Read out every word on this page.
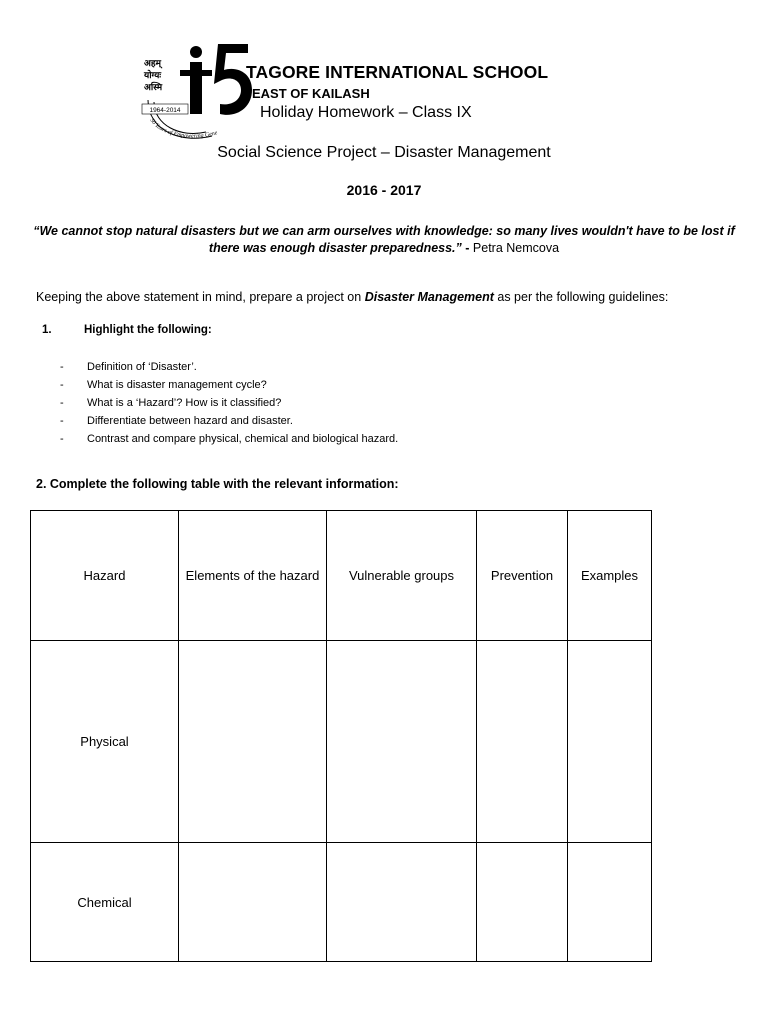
1964-2014
अहम्
योग्यः
अस्मि
50 Years of Empowering Gene
TAGORE INTERNATIONAL SCHOOL
EAST OF KAILASH
Holiday Homework – Class IX
Social Science Project – Disaster Management
2016 - 2017
“We cannot stop natural disasters but we can arm ourselves with knowledge: so many lives wouldn't have to be lost if there was enough disaster preparedness.” - Petra Nemcova
Keeping the above statement in mind, prepare a project on Disaster Management as per the following guidelines:
1.	Highlight the following:
- Definition of ‘Disaster’.
- What is disaster management cycle?
- What is a ‘Hazard’? How is it classified?
- Differentiate between hazard and disaster.
- Contrast and compare physical, chemical and biological hazard.
2. Complete the following table with the relevant information:
Hazard	Elements of the hazard	Vulnerable groups	Prevention	Examples
Physical				
Chemical				
